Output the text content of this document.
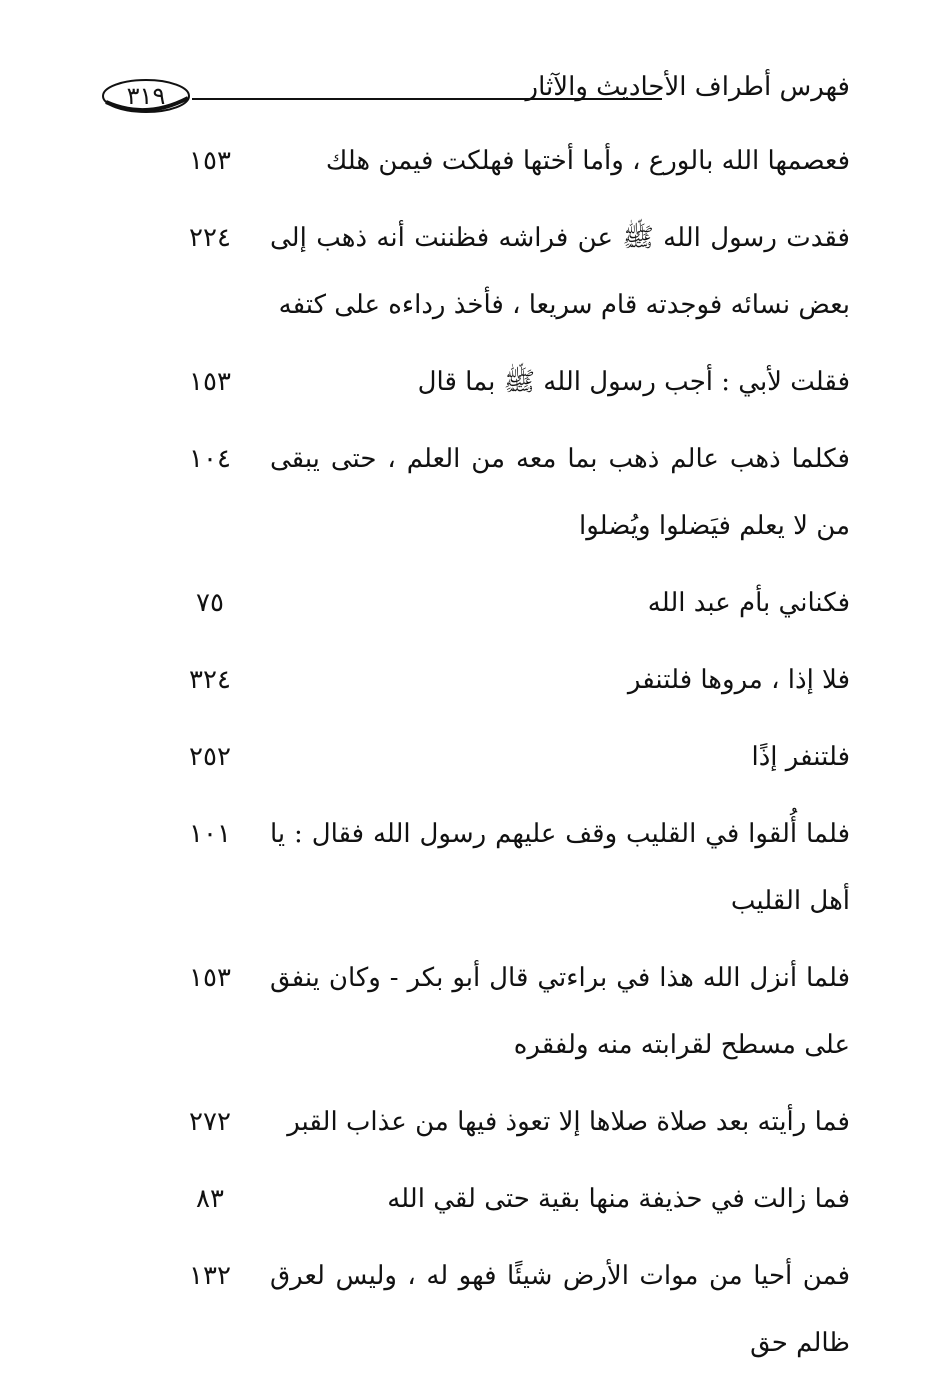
فهرس أطراف الأحاديث والآثار
٣١٩
فعصمها الله بالورع ، وأما أختها فهلكت فيمن هلك
١٥٣
فقدت رسول الله ﷺ عن فراشه فظننت أنه ذهب إلى بعض نسائه فوجدته قام سريعا ، فأخذ رداءه على كتفه
٢٢٤
فقلت لأبي : أجب رسول الله ﷺ بما قال
١٥٣
فكلما ذهب عالم ذهب بما معه من العلم ، حتى يبقى من لا يعلم فيَضلوا ويُضلوا
١٠٤
فكناني بأم عبد الله
٧٥
فلا إذا ، مروها فلتنفر
٣٢٤
فلتنفر إذًا
٢٥٢
فلما أُلقوا في القليب وقف عليهم رسول الله فقال : يا أهل القليب
١٠١
فلما أنزل الله هذا في براءتي قال أبو بكر - وكان ينفق على مسطح لقرابته منه ولفقره
١٥٣
فما رأيته بعد صلاة صلاها إلا تعوذ فيها من عذاب القبر
٢٧٢
فما زالت في حذيفة منها بقية حتى لقي الله
٨٣
فمن أحيا من موات الأرض شيئًا فهو له ، وليس لعرق ظالم حق
١٣٢
